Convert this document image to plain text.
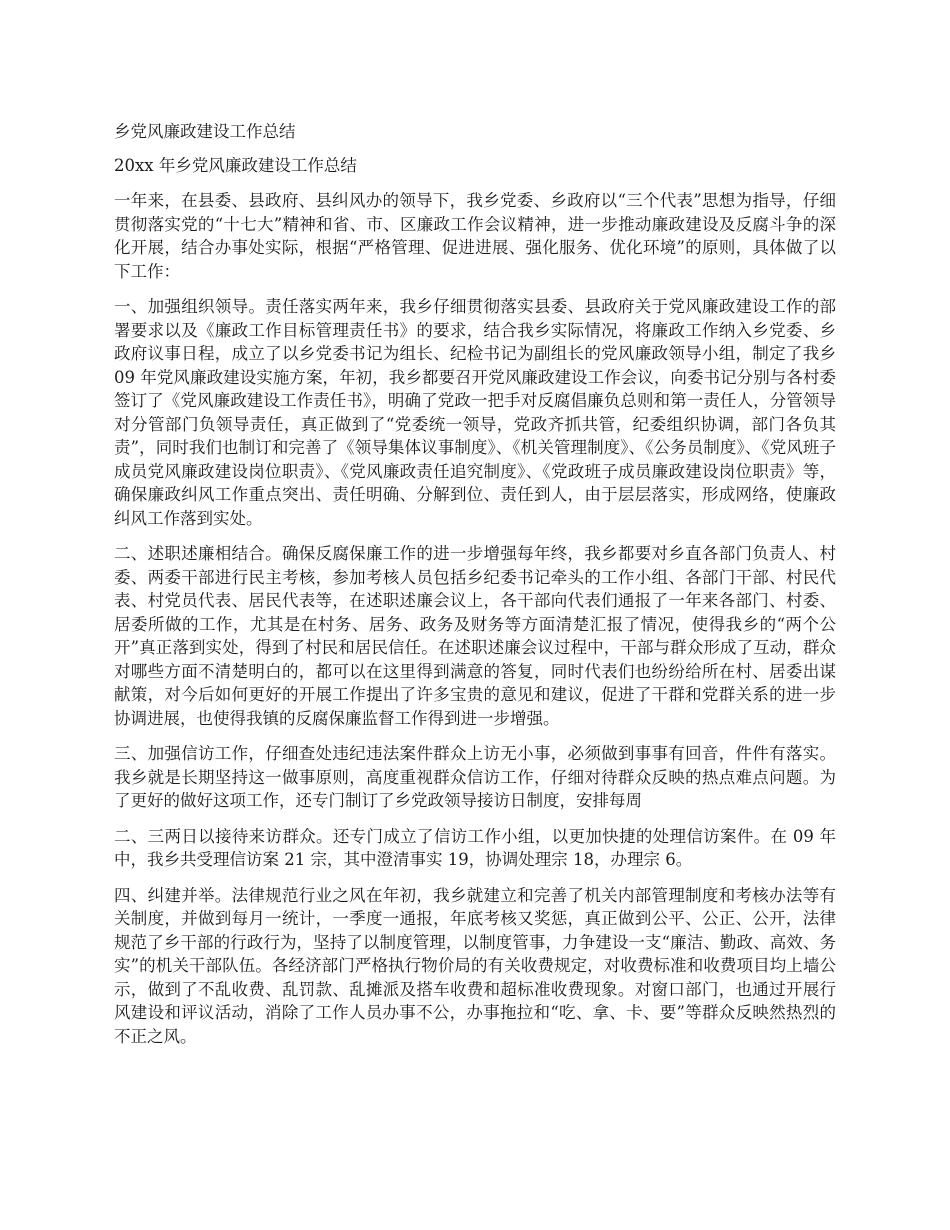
乡党风廉政建设工作总结

20xx 年乡党风廉政建设工作总结

一年来，在县委、县政府、县纠风办的领导下，我乡党委、乡政府以“三个代表”思想为指导，仔细贯彻落实党的“十七大”精神和省、市、区廉政工作会议精神，进一步推动廉政建设及反腐斗争的深化开展，结合办事处实际，根据“严格管理、促进进展、强化服务、优化环境”的原则，具体做了以下工作：

一、加强组织领导。责任落实两年来，我乡仔细贯彻落实县委、县政府关于党风廉政建设工作的部署要求以及《廉政工作目标管理责任书》的要求，结合我乡实际情况，将廉政工作纳入乡党委、乡政府议事日程，成立了以乡党委书记为组长、纪检书记为副组长的党风廉政领导小组，制定了我乡 09 年党风廉政建设实施方案，年初，我乡都要召开党风廉政建设工作会议，向委书记分别与各村委签订了《党风廉政建设工作责任书》，明确了党政一把手对反腐倡廉负总则和第一责任人，分管领导对分管部门负领导责任，真正做到了“党委统一领导，党政齐抓共管，纪委组织协调，部门各负其责”，同时我们也制订和完善了《领导集体议事制度》、《机关管理制度》、《公务员制度》、《党风班子成员党风廉政建设岗位职责》、《党风廉政责任追究制度》、《党政班子成员廉政建设岗位职责》等，确保廉政纠风工作重点突出、责任明确、分解到位、责任到人，由于层层落实，形成网络，使廉政纠风工作落到实处。

二、述职述廉相结合。确保反腐保廉工作的进一步增强每年终，我乡都要对乡直各部门负责人、村委、两委干部进行民主考核，参加考核人员包括乡纪委书记牵头的工作小组、各部门干部、村民代表、村党员代表、居民代表等，在述职述廉会议上，各干部向代表们通报了一年来各部门、村委、居委所做的工作，尤其是在村务、居务、政务及财务等方面清楚汇报了情况，使得我乡的“两个公开”真正落到实处，得到了村民和居民信任。在述职述廉会议过程中，干部与群众形成了互动，群众对哪些方面不清楚明白的，都可以在这里得到满意的答复，同时代表们也纷纷给所在村、居委出谋献策，对今后如何更好的开展工作提出了许多宝贵的意见和建议，促进了干群和党群关系的进一步协调进展，也使得我镇的反腐保廉监督工作得到进一步增强。

三、加强信访工作，仔细查处违纪违法案件群众上访无小事，必须做到事事有回音，件件有落实。我乡就是长期坚持这一做事原则，高度重视群众信访工作，仔细对待群众反映的热点难点问题。为了更好的做好这项工作，还专门制订了乡党政领导接访日制度，安排每周

二、三两日以接待来访群众。还专门成立了信访工作小组，以更加快捷的处理信访案件。在 09 年中，我乡共受理信访案 21 宗，其中澄清事实 19，协调处理宗 18，办理宗 6。

四、纠建并举。法律规范行业之风在年初，我乡就建立和完善了机关内部管理制度和考核办法等有关制度，并做到每月一统计，一季度一通报，年底考核又奖惩，真正做到公平、公正、公开，法律规范了乡干部的行政行为，坚持了以制度管理，以制度管事，力争建设一支“廉洁、勤政、高效、务实”的机关干部队伍。各经济部门严格执行物价局的有关收费规定，对收费标准和收费项目均上墙公示，做到了不乱收费、乱罚款、乱摊派及搭车收费和超标准收费现象。对窗口部门，也通过开展行风建设和评议活动，消除了工作人员办事不公，办事拖拉和“吃、拿、卡、要”等群众反映然热烈的不正之风。
